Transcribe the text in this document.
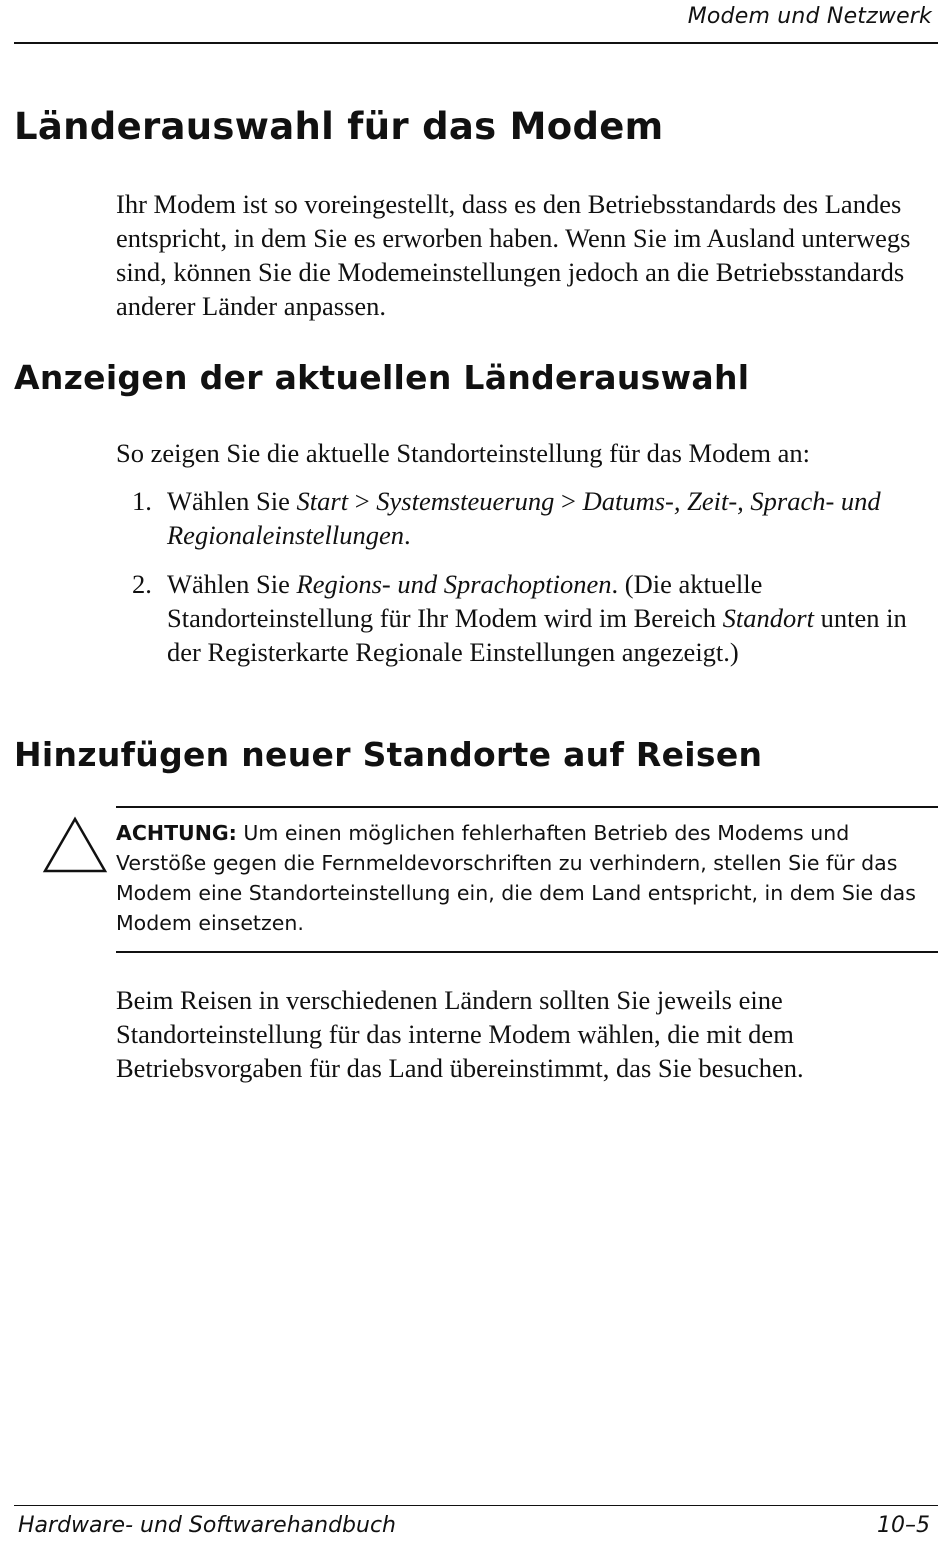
Modem und Netzwerk
Länderauswahl für das Modem

Ihr Modem ist so voreingestellt, dass es den Betriebsstandards des Landes entspricht, in dem Sie es erworben haben. Wenn Sie im Ausland unterwegs sind, können Sie die Modemeinstellungen jedoch an die Betriebsstandards anderer Länder anpassen.

Anzeigen der aktuellen Länderauswahl

So zeigen Sie die aktuelle Standorteinstellung für das Modem an:

1. Wählen Sie Start > Systemsteuerung > Datums-, Zeit-, Sprach- und Regionaleinstellungen.
2. Wählen Sie Regions- und Sprachoptionen. (Die aktuelle Standorteinstellung für Ihr Modem wird im Bereich Standort unten in der Registerkarte Regionale Einstellungen angezeigt.)
Hinzufügen neuer Standorte auf Reisen

ACHTUNG: Um einen möglichen fehlerhaften Betrieb des Modems und Verstöße gegen die Fernmeldevorschriften zu verhindern, stellen Sie für das Modem eine Standorteinstellung ein, die dem Land entspricht, in dem Sie das Modem einsetzen.

Beim Reisen in verschiedenen Ländern sollten Sie jeweils eine Standorteinstellung für das interne Modem wählen, die mit dem Betriebsvorgaben für das Land übereinstimmt, das Sie besuchen.

Hardware- und Softwarehandbuch	10–5
